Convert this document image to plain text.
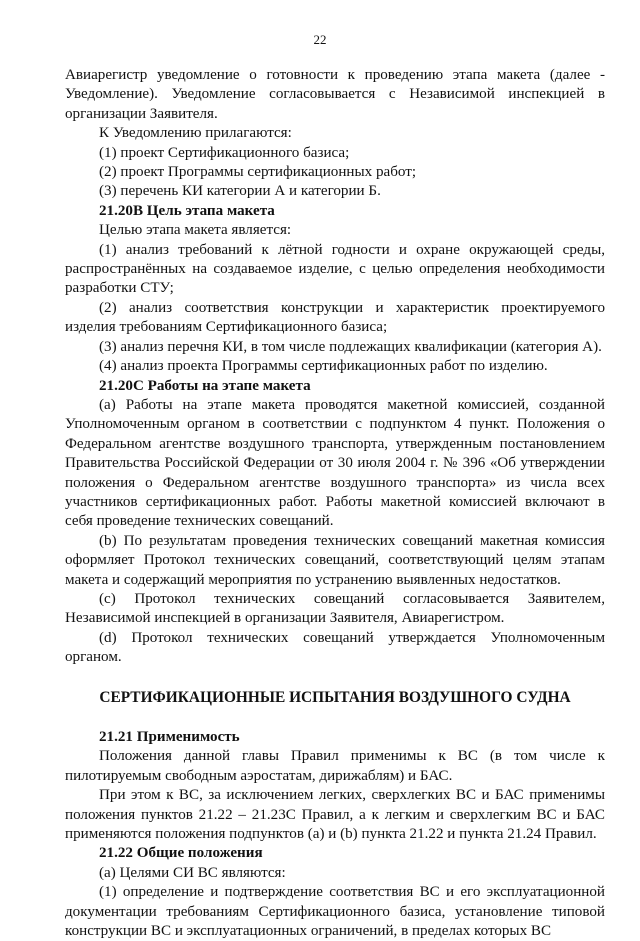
22

Авиарегистр уведомление о готовности к проведению этапа макета (далее - Уведомление). Уведомление согласовывается с Независимой инспекцией в организации Заявителя.

К Уведомлению прилагаются:

(1) проект Сертификационного базиса;

(2) проект Программы сертификационных работ;

(3) перечень КИ категории А и категории Б.

21.20B Цель этапа макета

Целью этапа макета является:

(1) анализ требований к лётной годности и охране окружающей среды, распространённых на создаваемое изделие, с целью определения необходимости разработки СТУ;

(2) анализ соответствия конструкции и характеристик проектируемого изделия требованиям Сертификационного базиса;

(3) анализ перечня КИ, в том числе подлежащих квалификации (категория А).

(4) анализ проекта Программы сертификационных работ по изделию.

21.20C Работы на этапе макета

(a) Работы на этапе макета проводятся макетной комиссией, созданной Уполномоченным органом в соответствии с подпунктом 4 пункт. Положения о Федеральном агентстве воздушного транспорта, утвержденным постановлением Правительства Российской Федерации от 30 июля 2004 г. № 396 «Об утверждении положения о Федеральном агентстве воздушного транспорта» из числа всех участников сертификационных работ. Работы макетной комиссией включают в себя проведение технических совещаний.

(b) По результатам проведения технических совещаний макетная комиссия оформляет Протокол технических совещаний, соответствующий целям этапам макета и содержащий мероприятия по устранению выявленных недостатков.

(c) Протокол технических совещаний согласовывается Заявителем, Независимой инспекцией в организации Заявителя, Авиарегистром.

(d) Протокол технических совещаний утверждается Уполномоченным органом.

СЕРТИФИКАЦИОННЫЕ ИСПЫТАНИЯ ВОЗДУШНОГО СУДНА

21.21 Применимость

Положения данной главы Правил применимы к ВС (в том числе к пилотируемым свободным аэростатам, дирижаблям) и БАС.

При этом к ВС, за исключением легких, сверхлегких ВС и БАС применимы положения пунктов 21.22 – 21.23С Правил, а к легким и сверхлегким ВС и БАС применяются положения подпунктов (a) и (b) пункта 21.22 и пункта 21.24 Правил.

21.22 Общие положения

(a) Целями СИ ВС являются:

(1) определение и подтверждение соответствия ВС и его эксплуатационной документации требованиям Сертификационного базиса, установление типовой конструкции ВС и эксплуатационных ограничений, в пределах которых ВС
